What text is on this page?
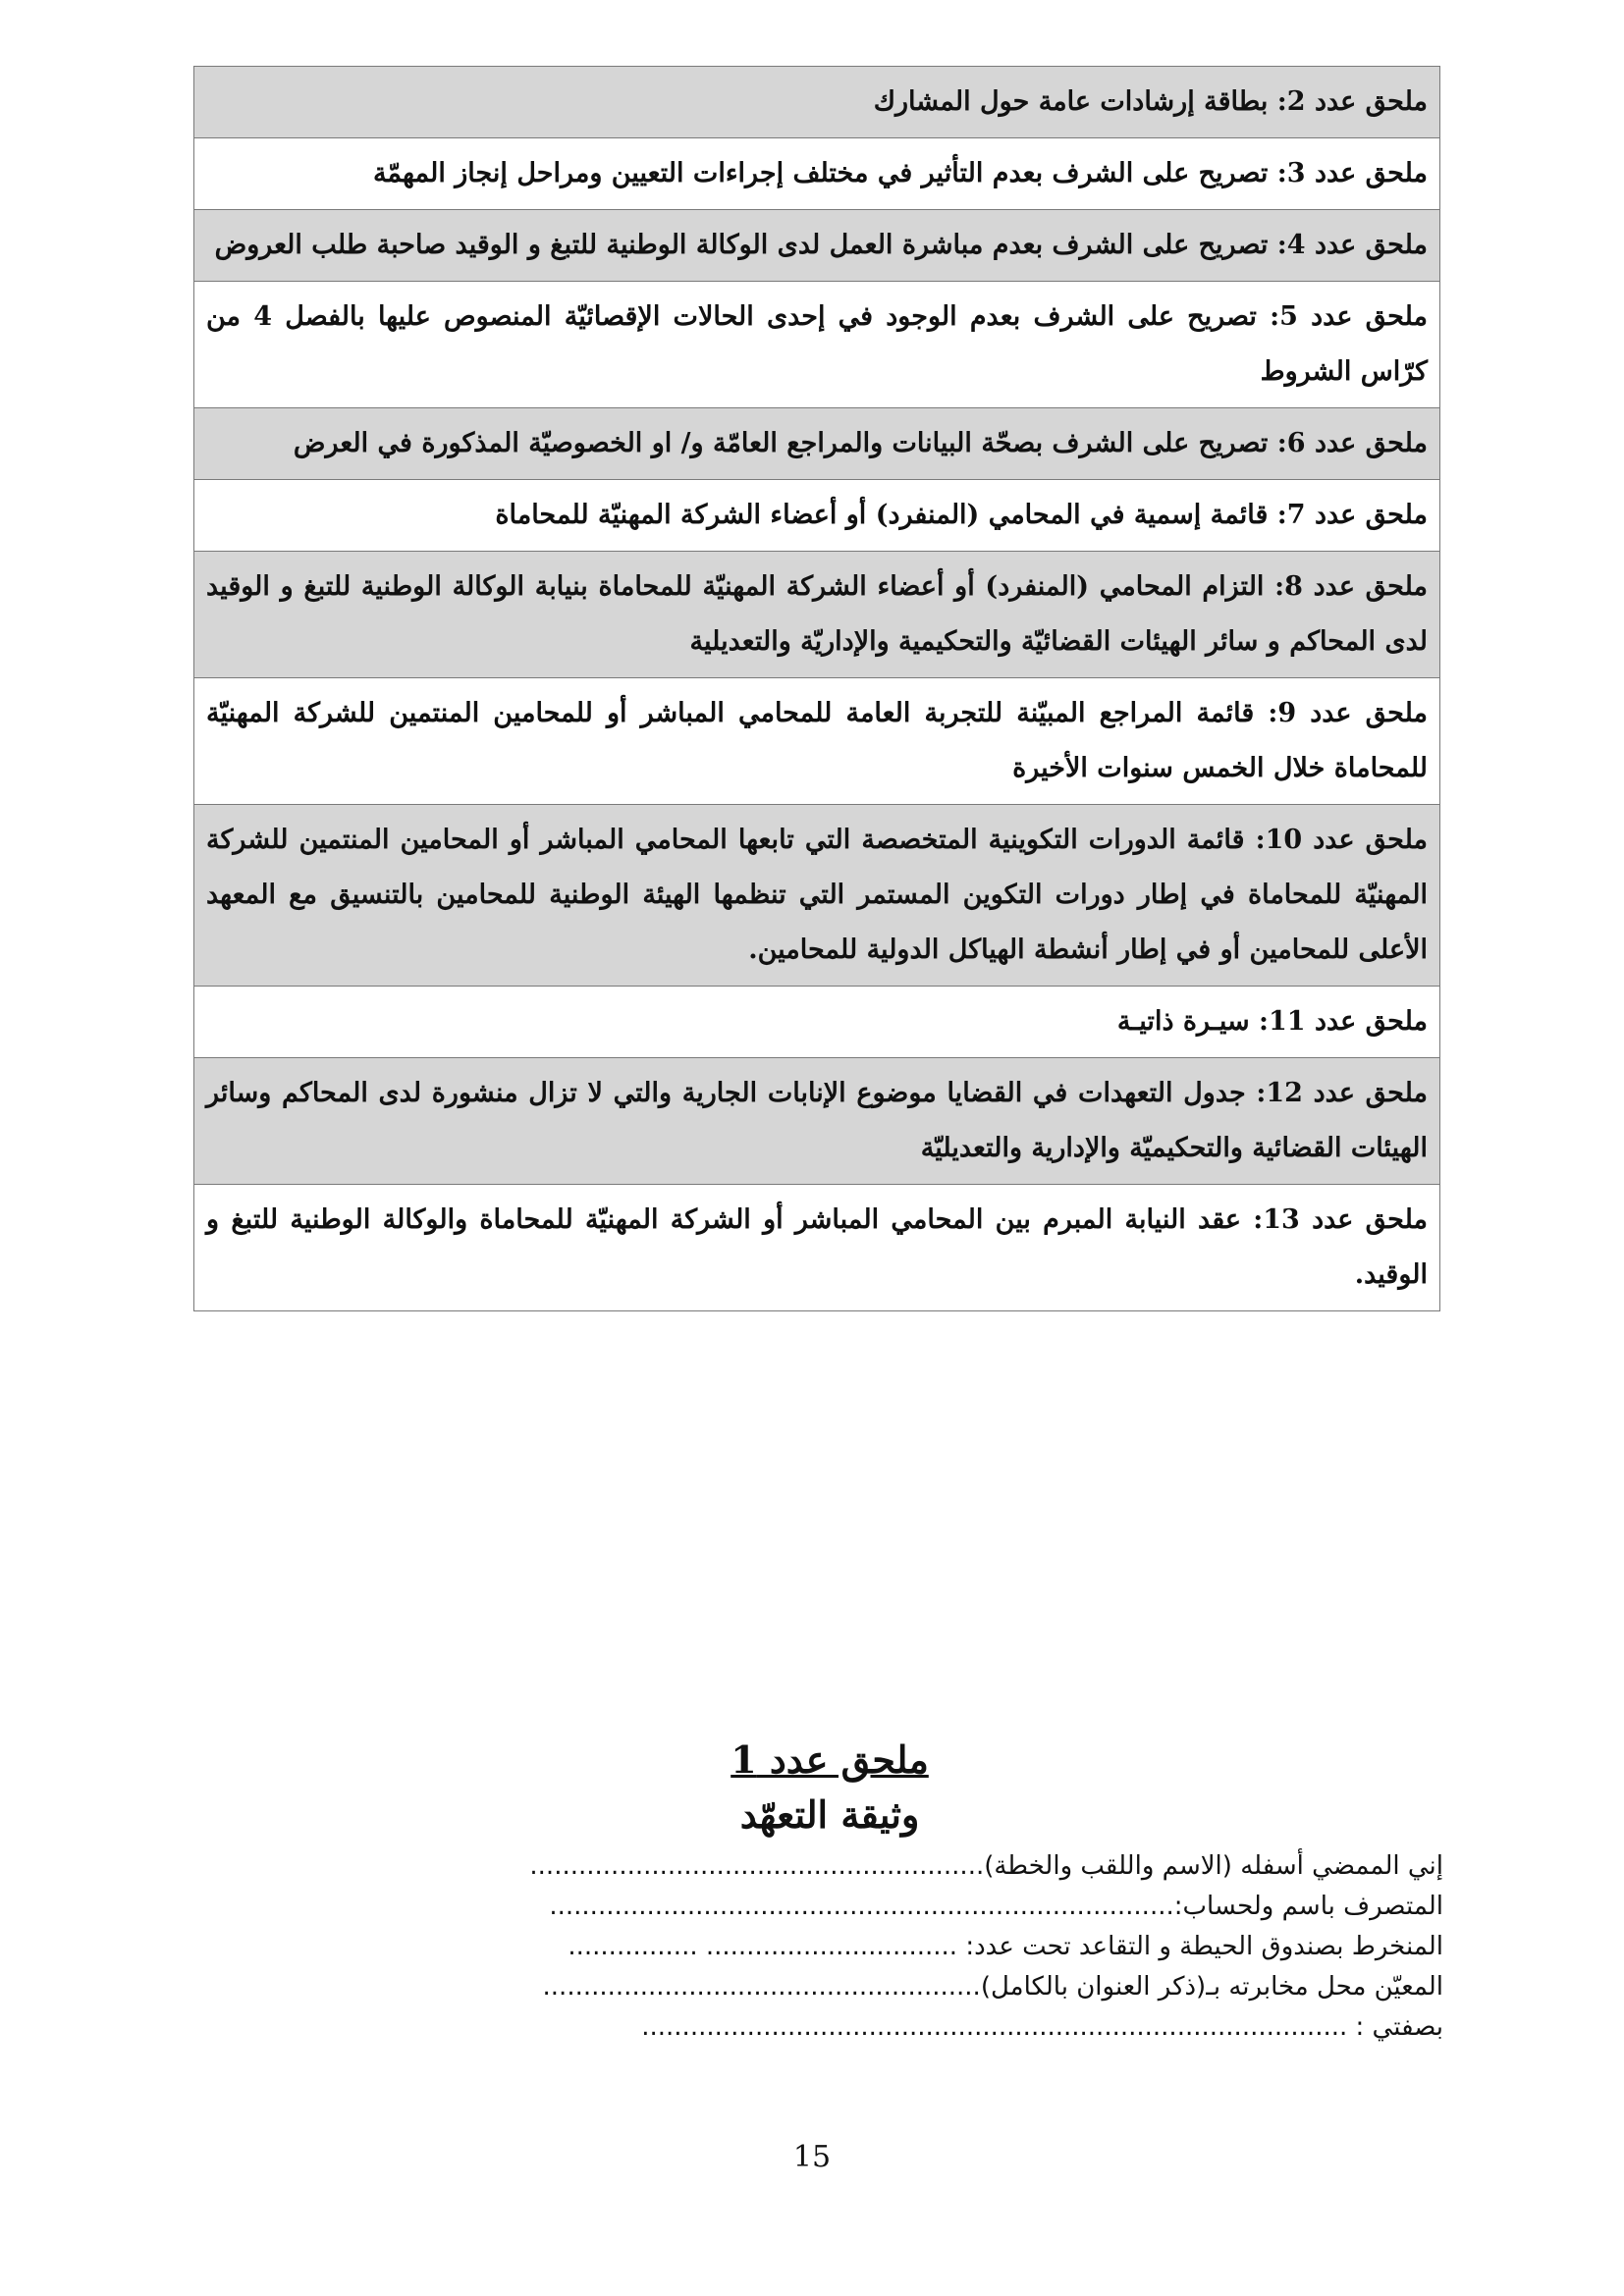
ملحق عدد 2: بطاقة إرشادات عامة حول المشارك
ملحق عدد 3: تصريح على الشرف بعدم التأثير في مختلف إجراءات التعيين ومراحل إنجاز المهمّة
ملحق عدد 4: تصريح على الشرف بعدم مباشرة العمل لدى الوكالة الوطنية للتبغ و الوقيد صاحبة طلب العروض
ملحق عدد 5: تصريح على الشرف بعدم الوجود في إحدى الحالات الإقصائيّة المنصوص عليها بالفصل 4 من كرّاس الشروط
ملحق عدد 6: تصريح على الشرف بصحّة البيانات والمراجع العامّة و/ او الخصوصيّة المذكورة في العرض
ملحق عدد 7: قائمة إسمية في المحامي (المنفرد) أو أعضاء الشركة المهنيّة للمحاماة
ملحق عدد 8: التزام المحامي (المنفرد) أو أعضاء الشركة المهنيّة للمحاماة بنيابة الوكالة الوطنية للتبغ و الوقيد لدى المحاكم و سائر الهيئات القضائيّة والتحكيمية والإداريّة والتعديلية
ملحق عدد 9: قائمة المراجع المبيّنة للتجربة العامة للمحامي المباشر أو للمحامين المنتمين للشركة المهنيّة للمحاماة خلال الخمس سنوات الأخيرة
ملحق عدد 10: قائمة الدورات التكوينية المتخصصة التي تابعها المحامي المباشر أو المحامين المنتمين للشركة المهنيّة للمحاماة في إطار دورات التكوين المستمر التي تنظمها الهيئة الوطنية للمحامين بالتنسيق مع المعهد الأعلى للمحامين أو في إطار أنشطة الهياكل الدولية للمحامين.
ملحق عدد 11: سيـرة ذاتيـة
ملحق عدد 12: جدول التعهدات في القضايا موضوع الإنابات الجارية والتي لا تزال منشورة لدى المحاكم وسائر الهيئات القضائية والتحكيميّة والإدارية والتعديليّة
ملحق عدد 13: عقد النيابة المبرم بين المحامي المباشر أو الشركة المهنيّة للمحاماة والوكالة الوطنية للتبغ و الوقيد.
ملحق عدد 1
وثيقة التعهّد
إني الممضي أسفله (الاسم واللقب والخطة)........................................................
المتصرف باسم ولحساب:.............................................................................
المنخرط بصندوق الحيطة و التقاعد تحت عدد: ............................... ................
المعيّن محل مخابرته بـ(ذكر العنوان بالكامل)......................................................
بصفتي : .......................................................................................
15
